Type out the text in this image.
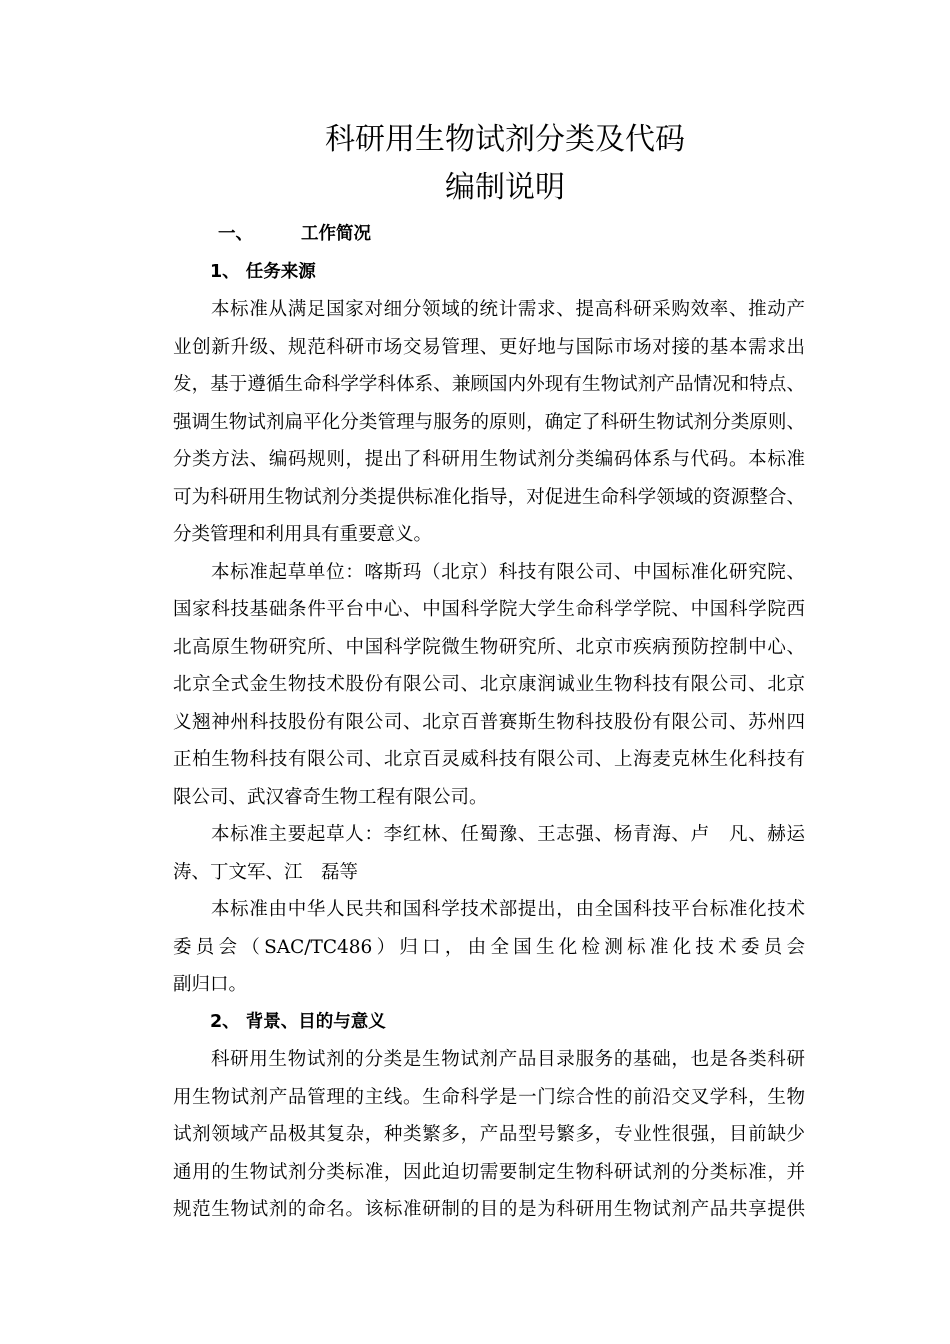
科研用生物试剂分类及代码
编制说明
一、	工作简况
1、 任务来源
本标准从满足国家对细分领域的统计需求、提高科研采购效率、推动产
业创新升级、规范科研市场交易管理、更好地与国际市场对接的基本需求出
发，基于遵循生命科学学科体系、兼顾国内外现有生物试剂产品情况和特点、
强调生物试剂扁平化分类管理与服务的原则，确定了科研生物试剂分类原则、
分类方法、编码规则，提出了科研用生物试剂分类编码体系与代码。本标准
可为科研用生物试剂分类提供标准化指导，对促进生命科学领域的资源整合、
分类管理和利用具有重要意义。
本标准起草单位：喀斯玛（北京）科技有限公司、中国标准化研究院、
国家科技基础条件平台中心、中国科学院大学生命科学学院、中国科学院西
北高原生物研究所、中国科学院微生物研究所、北京市疾病预防控制中心、
北京全式金生物技术股份有限公司、北京康润诚业生物科技有限公司、北京
义翘神州科技股份有限公司、北京百普赛斯生物科技股份有限公司、苏州四
正柏生物科技有限公司、北京百灵威科技有限公司、上海麦克林生化科技有
限公司、武汉睿奇生物工程有限公司。
本标准主要起草人：李红林、任蜀豫、王志强、杨青海、卢　凡、赫运
涛、丁文军、江　磊等
本标准由中华人民共和国科学技术部提出，由全国科技平台标准化技术
委员会（SAC/TC486）归口，由全国生化检测标准化技术委员会
副归口。
2、 背景、目的与意义
科研用生物试剂的分类是生物试剂产品目录服务的基础，也是各类科研
用生物试剂产品管理的主线。生命科学是一门综合性的前沿交叉学科，生物
试剂领域产品极其复杂，种类繁多，产品型号繁多，专业性很强，目前缺少
通用的生物试剂分类标准，因此迫切需要制定生物科研试剂的分类标准，并
规范生物试剂的命名。该标准研制的目的是为科研用生物试剂产品共享提供
